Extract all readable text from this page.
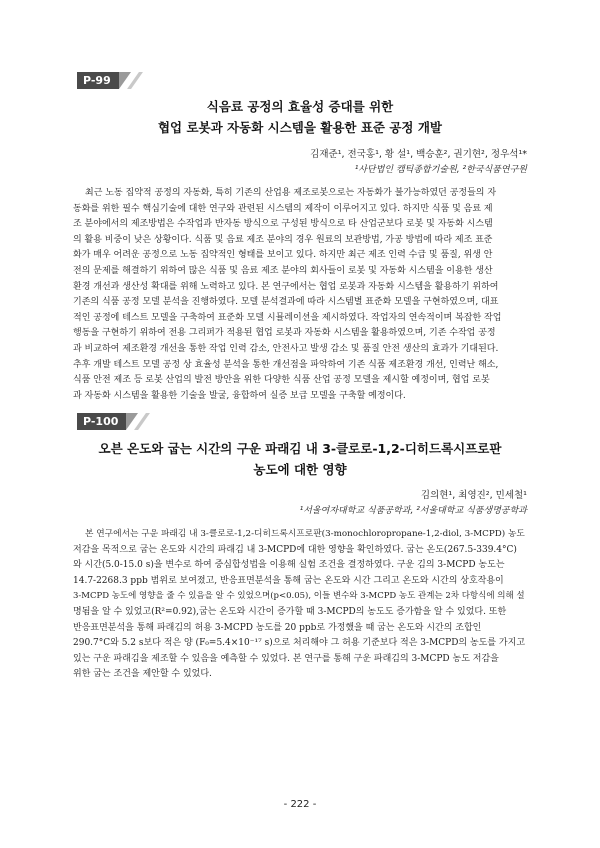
P-99
식음료 공정의 효율성 증대를 위한
협업 로봇과 자동화 시스템을 활용한 표준 공정 개발
김재준¹, 전국홍¹, 황 설¹, 백승훈², 권기현², 정우석¹*
¹사단법인 캠틱종합기술원, ²한국식품연구원
최근 노동 집약적 공정의 자동화, 특히 기존의 산업용 제조로봇으로는 자동화가 불가능하였던 공정들의 자
동화를 위한 필수 핵심기술에 대한 연구와 관련된 시스템의 제작이 이루어지고 있다. 하지만 식품 및 음료 제
조 분야에서의 제조방법은 수작업과 반자동 방식으로 구성된 방식으로 타 산업군보다 로봇 및 자동화 시스템
의 활용 비중이 낮은 상황이다. 식품 및 음료 제조 분야의 경우 원료의 보관방법, 가공 방법에 따라 제조 표준
화가 매우 어려운 공정으로 노동 집약적인 형태를 보이고 있다. 하지만 최근 제조 인력 수급 및 품질, 위생 안
전의 문제를 해결하기 위하여 많은 식품 및 음료 제조 분야의 회사들이 로봇 및 자동화 시스템을 이용한 생산
환경 개선과 생산성 확대를 위해 노력하고 있다. 본 연구에서는 협업 로봇과 자동화 시스템을 활용하기 위하여
기존의 식품 공정 모델 분석을 진행하였다. 모델 분석결과에 따라 시스템별 표준화 모델을 구현하였으며, 대표
적인 공정에 테스트 모델을 구축하여 표준화 모델 시뮬레이션을 제시하였다. 작업자의 연속적이며 복잡한 작업
행동을 구현하기 위하여 전용 그리퍼가 적용된 협업 로봇과 자동화 시스템을 활용하였으며, 기존 수작업 공정
과 비교하여 제조환경 개선을 통한 작업 인력 감소, 안전사고 발생 감소 및 품질 안전 생산의 효과가 기대된다.
추후 개발 테스트 모델 공정 상 효율성 분석을 통한 개선점을 파악하여 기존 식품 제조환경 개선, 인력난 해소,
식품 안전 제조 등 로봇 산업의 발전 방안을 위한 다양한 식품 산업 공정 모델을 제시할 예정이며, 협업 로봇
과 자동화 시스템을 활용한 기술을 발굴, 융합하여 실증 보급 모델을 구축할 예정이다.
P-100
오븐 온도와 굽는 시간의 구운 파래김 내 3-클로로-1,2-디히드록시프로판
농도에 대한 영향
김의현¹, 최영진², 민세철¹
¹서울여자대학교 식품공학과, ²서울대학교 식품생명공학과
본 연구에서는 구운 파래김 내 3-클로로-1,2-디히드록시프로판(3-monochloropropane-1,2-diol, 3-MCPD) 농도
저감을 목적으로 굽는 온도와 시간의 파래김 내 3-MCPD에 대한 영향을 확인하였다. 굽는 온도(267.5-339.4°C)
와 시간(5.0-15.0 s)을 변수로 하여 중심합성법을 이용해 실험 조건을 결정하였다. 구운 김의 3-MCPD 농도는
14.7-2268.3 ppb 범위로 보여졌고, 반응표면분석을 통해 굽는 온도와 시간 그리고 온도와 시간의 상호작용이
3-MCPD 농도에 영향을 줄 수 있음을 알 수 있었으며(p<0.05), 이들 변수와 3-MCPD 농도 관계는 2차 다항식에 의해 설
명됨을 알 수 있었고(R²=0.92),굽는 온도와 시간이 증가할 때 3-MCPD의 농도도 증가함을 알 수 있었다. 또한
반응표면분석을 통해 파래김의 허용 3-MCPD 농도를 20 ppb로 가정했을 때 굽는 온도와 시간의 조합인
290.7°C와 5.2 s보다 적은 양 (F₀=5.4×10⁻¹⁷ s)으로 처리해야 그 허용 기준보다 적은 3-MCPD의 농도를 가지고
있는 구운 파래김을 제조할 수 있음을 예측할 수 있었다. 본 연구를 통해 구운 파래김의 3-MCPD 농도 저감을
위한 굽는 조건을 제안할 수 있었다.
- 222 -
